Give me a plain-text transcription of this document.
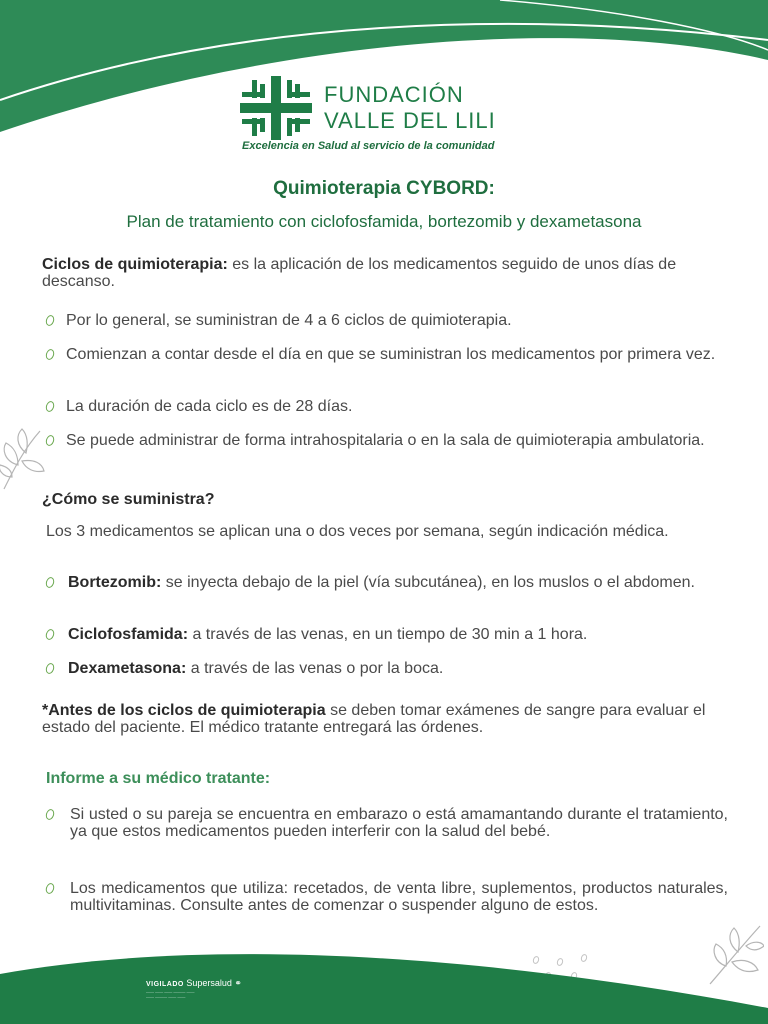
FUNDACIÓN
VALLE DEL LILI
Excelencia en Salud al servicio de la comunidad
Quimioterapia CYBORD:
Plan de tratamiento con ciclofosfamida, bortezomib y dexametasona
Ciclos de quimioterapia: es la aplicación de los medicamentos seguido de unos días de descanso.
Por lo general, se suministran de 4 a 6 ciclos de quimioterapia.
Comienzan a contar desde el día en que se suministran los medicamentos por primera vez.
La duración de cada ciclo es de 28 días.
Se puede administrar de forma intrahospitalaria o en la sala de quimioterapia ambulatoria.
¿Cómo se suministra?
Los 3 medicamentos se aplican una o dos veces por semana, según indicación médica.
Bortezomib: se inyecta debajo de la piel (vía subcutánea), en los muslos o el abdomen.
Ciclofosfamida: a través de las venas, en un tiempo de 30 min a 1 hora.
Dexametasona: a través de las venas o por la boca.
*Antes de los ciclos de quimioterapia se deben tomar exámenes de sangre para evaluar el estado del paciente. El médico tratante entregará las órdenes.
Informe a su médico tratante:
Si usted o su pareja se encuentra en embarazo o está amamantando durante el tratamiento, ya que estos medicamentos pueden interferir con la salud del bebé.
Los medicamentos que utiliza: recetados, de venta libre, suplementos, productos naturales, multivitaminas. Consulte antes de comenzar o suspender alguno de estos.
VIGILADO Supersalud ⚭
—— —— —— ——— ——
—— ——— —— ——
